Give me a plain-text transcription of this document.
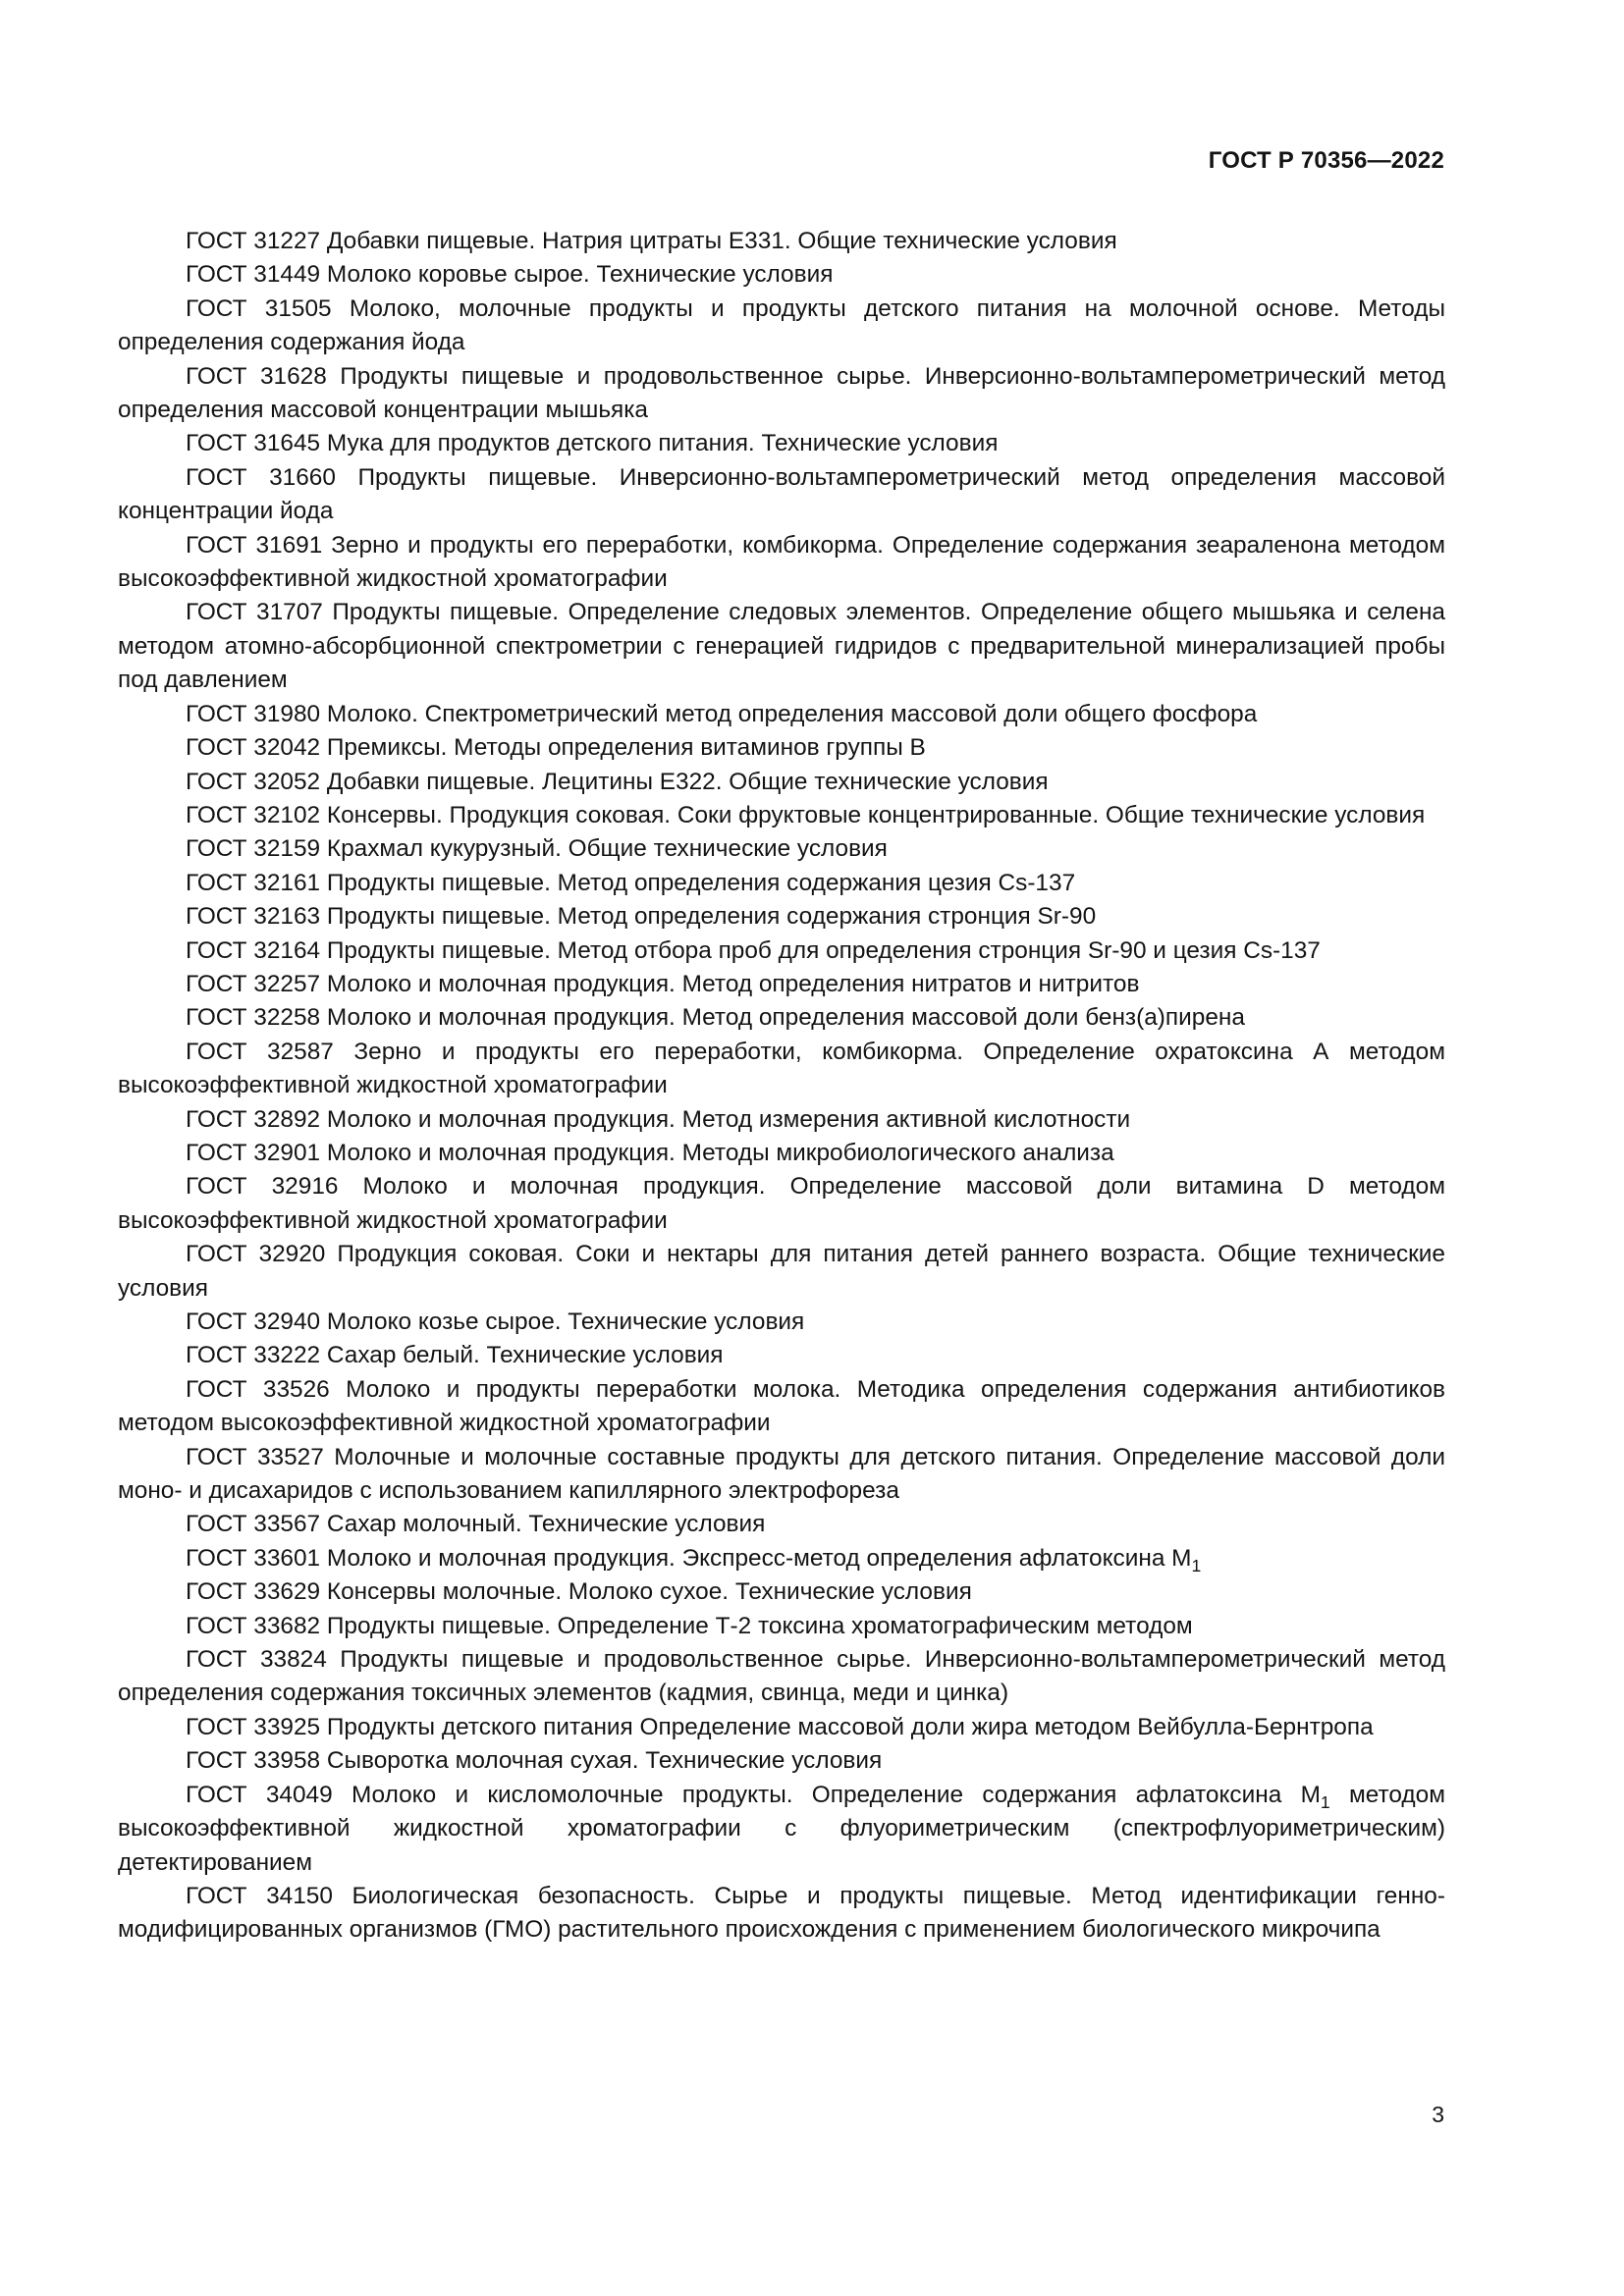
ГОСТ Р 70356—2022

ГОСТ 31227 Добавки пищевые. Натрия цитраты Е331. Общие технические условия

ГОСТ 31449 Молоко коровье сырое. Технические условия

ГОСТ 31505 Молоко, молочные продукты и продукты детского питания на молочной основе. Методы определения содержания йода

ГОСТ 31628 Продукты пищевые и продовольственное сырье. Инверсионно-вольтамперометрический метод определения массовой концентрации мышьяка

ГОСТ 31645 Мука для продуктов детского питания. Технические условия

ГОСТ 31660 Продукты пищевые. Инверсионно-вольтамперометрический метод определения массовой концентрации йода

ГОСТ 31691 Зерно и продукты его переработки, комбикорма. Определение содержания зеараленона методом высокоэффективной жидкостной хроматографии

ГОСТ 31707 Продукты пищевые. Определение следовых элементов. Определение общего мышьяка и селена методом атомно-абсорбционной спектрометрии с генерацией гидридов с предварительной минерализацией пробы под давлением

ГОСТ 31980 Молоко. Спектрометрический метод определения массовой доли общего фосфора

ГОСТ 32042 Премиксы. Методы определения витаминов группы В

ГОСТ 32052 Добавки пищевые. Лецитины Е322. Общие технические условия

ГОСТ 32102 Консервы. Продукция соковая. Соки фруктовые концентрированные. Общие технические условия

ГОСТ 32159 Крахмал кукурузный. Общие технические условия

ГОСТ 32161 Продукты пищевые. Метод определения содержания цезия Cs-137

ГОСТ 32163 Продукты пищевые. Метод определения содержания стронция Sr-90

ГОСТ 32164 Продукты пищевые. Метод отбора проб для определения стронция Sr-90 и цезия Cs-137

ГОСТ 32257 Молоко и молочная продукция. Метод определения нитратов и нитритов

ГОСТ 32258 Молоко и молочная продукция. Метод определения массовой доли бенз(а)пирена

ГОСТ 32587 Зерно и продукты его переработки, комбикорма. Определение охратоксина А методом высокоэффективной жидкостной хроматографии

ГОСТ 32892 Молоко и молочная продукция. Метод измерения активной кислотности

ГОСТ 32901 Молоко и молочная продукция. Методы микробиологического анализа

ГОСТ 32916 Молоко и молочная продукция. Определение массовой доли витамина D методом высокоэффективной жидкостной хроматографии

ГОСТ 32920 Продукция соковая. Соки и нектары для питания детей раннего возраста. Общие технические условия

ГОСТ 32940 Молоко козье сырое. Технические условия

ГОСТ 33222 Сахар белый. Технические условия

ГОСТ 33526 Молоко и продукты переработки молока. Методика определения содержания антибиотиков методом высокоэффективной жидкостной хроматографии

ГОСТ 33527 Молочные и молочные составные продукты для детского питания. Определение массовой доли моно- и дисахаридов с использованием капиллярного электрофореза

ГОСТ 33567 Сахар молочный. Технические условия

ГОСТ 33601 Молоко и молочная продукция. Экспресс-метод определения афлатоксина $M_1$

ГОСТ 33629 Консервы молочные. Молоко сухое. Технические условия

ГОСТ 33682 Продукты пищевые. Определение Т-2 токсина хроматографическим методом

ГОСТ 33824 Продукты пищевые и продовольственное сырье. Инверсионно-вольтамперометрический метод определения содержания токсичных элементов (кадмия, свинца, меди и цинка)

ГОСТ 33925 Продукты детского питания Определение массовой доли жира методом Вейбулла-Бернтропа

ГОСТ 33958 Сыворотка молочная сухая. Технические условия

ГОСТ 34049 Молоко и кисломолочные продукты. Определение содержания афлатоксина $M_1$ методом высокоэффективной жидкостной хроматографии с флуориметрическим (спектрофлуориметрическим) детектированием

ГОСТ 34150 Биологическая безопасность. Сырье и продукты пищевые. Метод идентификации генно-модифицированных организмов (ГМО) растительного происхождения с применением биологического микрочипа

3
